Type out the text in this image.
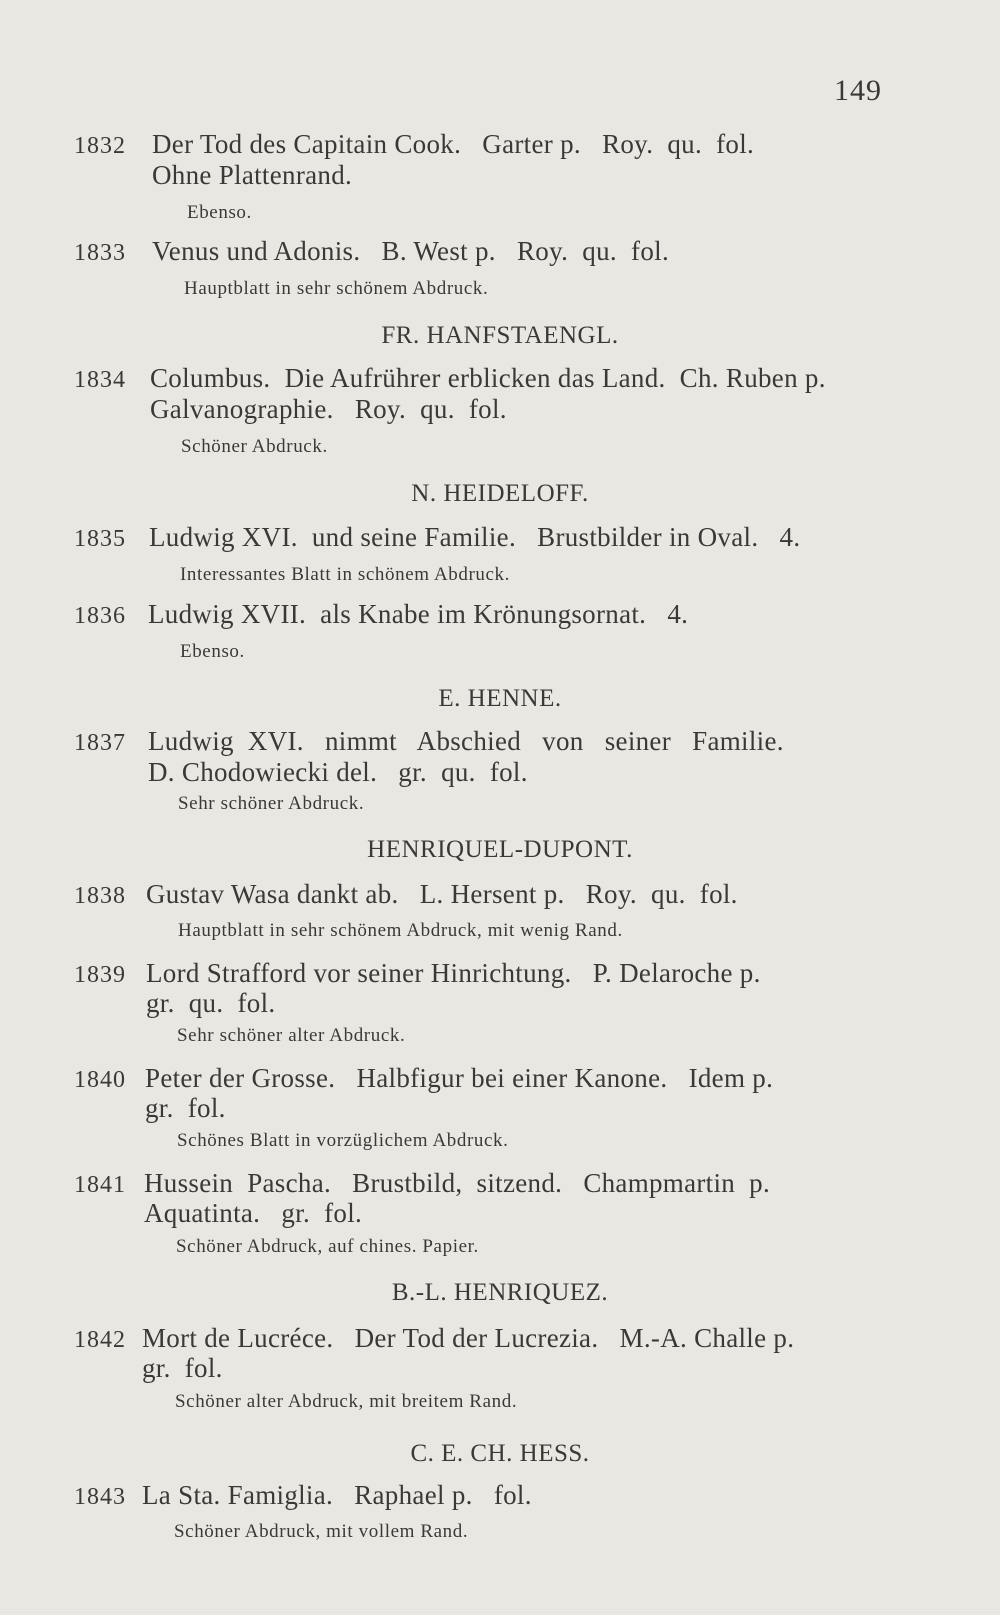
149
1832 Der Tod des Capitain Cook.   Garter p.   Roy.  qu.  fol.
Ohne Plattenrand.
Ebenso.
1833 Venus und Adonis.   B. West p.   Roy.  qu.  fol.
Hauptblatt in sehr schönem Abdruck.
FR. HANFSTAENGL.
1834 Columbus.  Die Aufrührer erblicken das Land.  Ch. Ruben p.
Galvanographie.   Roy.  qu.  fol.
Schöner Abdruck.
N. HEIDELOFF.
1835 Ludwig XVI.  und seine Familie.   Brustbilder in Oval.   4.
Interessantes Blatt in schönem Abdruck.
1836 Ludwig XVII.  als Knabe im Krönungsornat.   4.
Ebenso.
E. HENNE.
1837 Ludwig  XVI.   nimmt   Abschied   von   seiner   Familie.
D. Chodowiecki del.   gr.  qu.  fol.
Sehr schöner Abdruck.
HENRIQUEL-DUPONT.
1838 Gustav Wasa dankt ab.   L. Hersent p.   Roy.  qu.  fol.
Hauptblatt in sehr schönem Abdruck, mit wenig Rand.
1839 Lord Strafford vor seiner Hinrichtung.   P. Delaroche p.
gr.  qu.  fol.
Sehr schöner alter Abdruck.
1840 Peter der Grosse.   Halbfigur bei einer Kanone.   Idem p.
gr.  fol.
Schönes Blatt in vorzüglichem Abdruck.
1841 Hussein  Pascha.   Brustbild,  sitzend.   Champmartin  p.
Aquatinta.   gr.  fol.
Schöner Abdruck, auf chines. Papier.
B.-L. HENRIQUEZ.
1842 Mort de Lucréce.   Der Tod der Lucrezia.   M.-A. Challe p.
gr.  fol.
Schöner alter Abdruck, mit breitem Rand.
C. E. CH. HESS.
1843 La Sta. Famiglia.   Raphael p.   fol.
Schöner Abdruck, mit vollem Rand.
